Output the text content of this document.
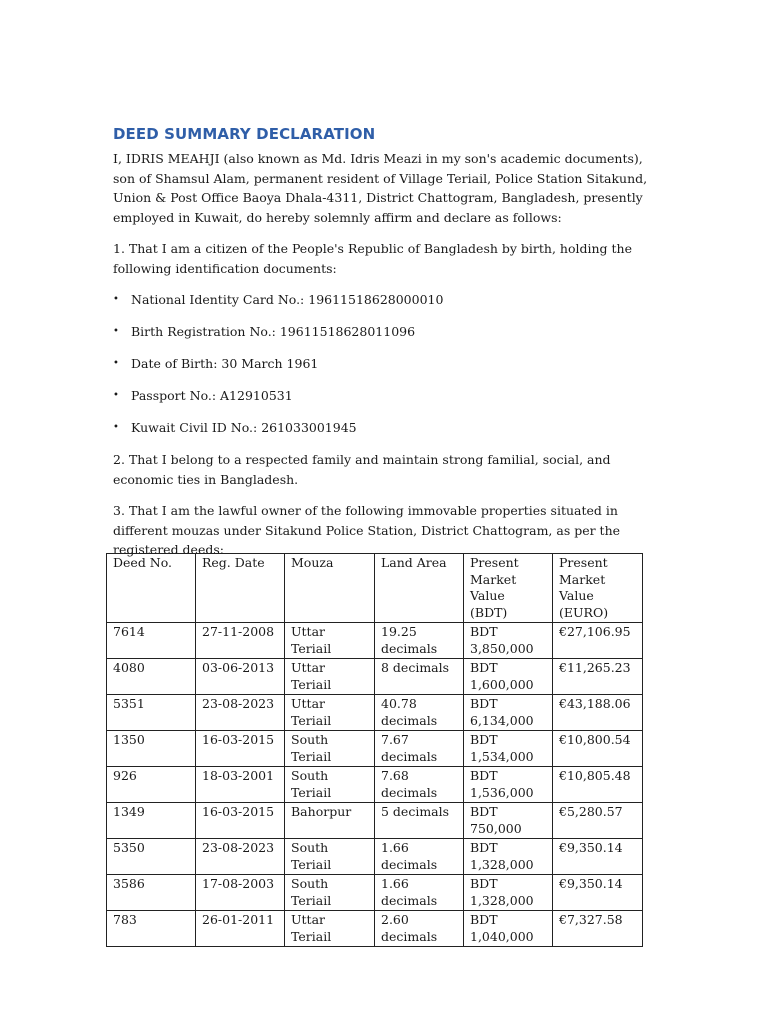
DEED SUMMARY DECLARATION

I, IDRIS MEAHJI (also known as Md. Idris Meazi in my son's academic documents), son of Shamsul Alam, permanent resident of Village Teriail, Police Station Sitakund, Union & Post Office Baoya Dhala-4311, District Chattogram, Bangladesh, presently employed in Kuwait, do hereby solemnly affirm and declare as follows:

1. That I am a citizen of the People's Republic of Bangladesh by birth, holding the following identification documents:

• National Identity Card No.: 19611518628000010
• Birth Registration No.: 19611518628011096
• Date of Birth: 30 March 1961
• Passport No.: A12910531
• Kuwait Civil ID No.: 261033001945

2. That I belong to a respected family and maintain strong familial, social, and economic ties in Bangladesh.

3. That I am the lawful owner of the following immovable properties situated in different mouzas under Sitakund Police Station, District Chattogram, as per the registered deeds:

Deed No.	Reg. Date	Mouza	Land Area	Present Market Value (BDT)	Present Market Value (EURO)
7614	27-11-2008	Uttar Teriail	19.25 decimals	BDT 3,850,000	€27,106.95
4080	03-06-2013	Uttar Teriail	8 decimals	BDT 1,600,000	€11,265.23
5351	23-08-2023	Uttar Teriail	40.78 decimals	BDT 6,134,000	€43,188.06
1350	16-03-2015	South Teriail	7.67 decimals	BDT 1,534,000	€10,800.54
926	18-03-2001	South Teriail	7.68 decimals	BDT 1,536,000	€10,805.48
1349	16-03-2015	Bahorpur	5 decimals	BDT 750,000	€5,280.57
5350	23-08-2023	South Teriail	1.66 decimals	BDT 1,328,000	€9,350.14
3586	17-08-2003	South Teriail	1.66 decimals	BDT 1,328,000	€9,350.14
783	26-01-2011	Uttar Teriail	2.60 decimals	BDT 1,040,000	€7,327.58
